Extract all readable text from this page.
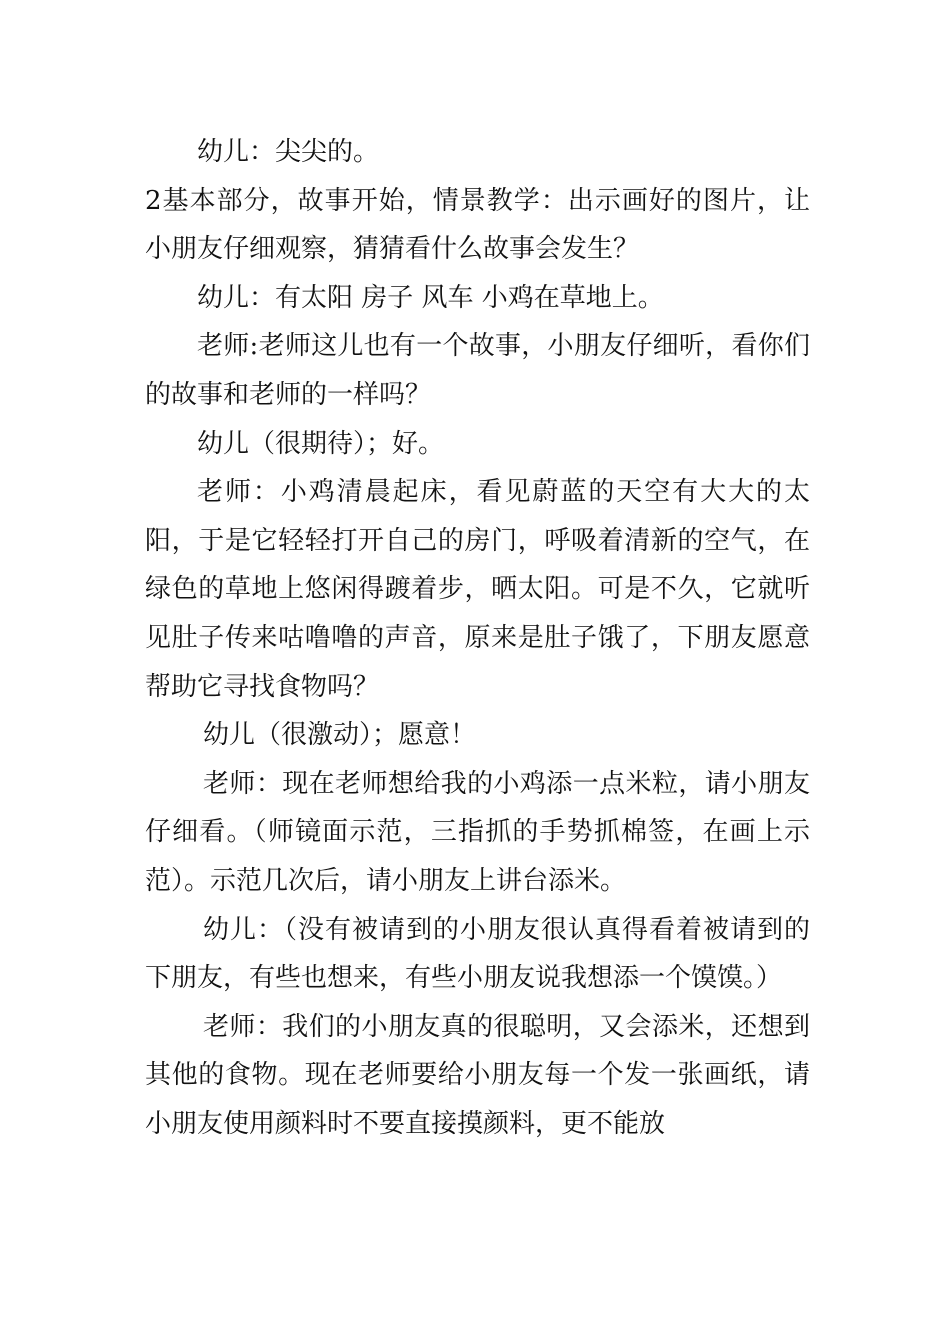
幼儿：尖尖的。

2基本部分，故事开始，情景教学：出示画好的图片，让小朋友仔细观察，猜猜看什么故事会发生？

幼儿：有太阳 房子 风车 小鸡在草地上。

老师:老师这儿也有一个故事，小朋友仔细听，看你们的故事和老师的一样吗？

幼儿（很期待）；好。

老师：小鸡清晨起床，看见蔚蓝的天空有大大的太阳，于是它轻轻打开自己的房门，呼吸着清新的空气，在绿色的草地上悠闲得踱着步，晒太阳。可是不久，它就听见肚子传来咕噜噜的声音，原来是肚子饿了，下朋友愿意帮助它寻找食物吗？

幼儿（很激动）；愿意！

老师：现在老师想给我的小鸡添一点米粒，请小朋友仔细看。（师镜面示范，三指抓的手势抓棉签，在画上示范）。示范几次后，请小朋友上讲台添米。

幼儿：（没有被请到的小朋友很认真得看着被请到的下朋友，有些也想来，有些小朋友说我想添一个馍馍。）

老师：我们的小朋友真的很聪明，又会添米，还想到其他的食物。现在老师要给小朋友每一个发一张画纸，请小朋友使用颜料时不要直接摸颜料，更不能放
